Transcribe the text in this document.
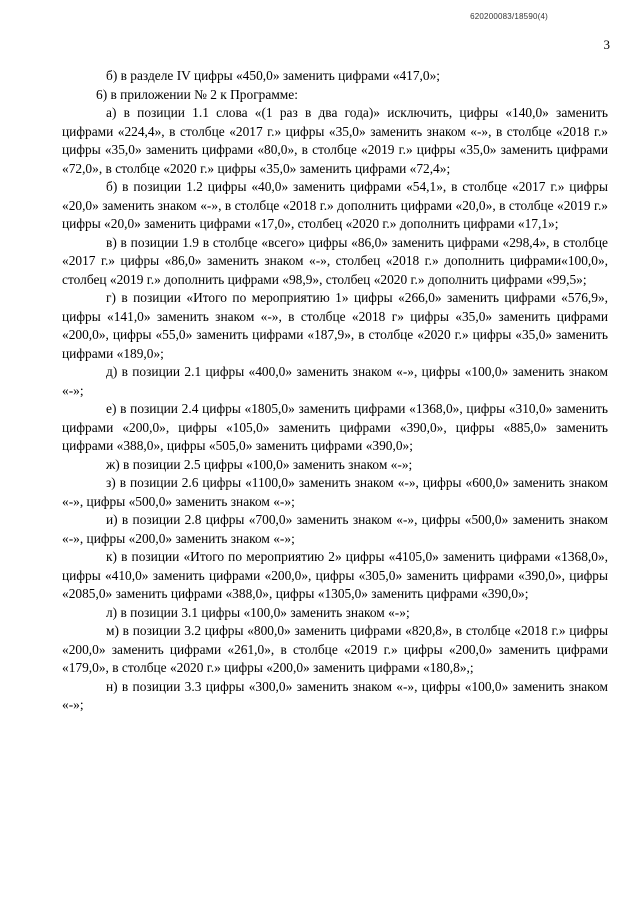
620200083/18590(4)
3

б) в разделе IV цифры «450,0» заменить цифрами «417,0»;

6) в приложении № 2 к Программе:

а) в позиции 1.1 слова «(1 раз в два года)» исключить, цифры «140,0» заменить цифрами «224,4», в столбце «2017 г.» цифры «35,0» заменить знаком «-», в столбце «2018 г.» цифры «35,0» заменить цифрами «80,0», в столбце «2019 г.» цифры «35,0» заменить цифрами «72,0», в столбце «2020 г.» цифры «35,0» заменить цифрами «72,4»;

б) в позиции 1.2 цифры «40,0» заменить цифрами «54,1», в столбце «2017 г.» цифры «20,0» заменить знаком «-», в столбце «2018 г.» дополнить цифрами «20,0», в столбце «2019 г.» цифры «20,0» заменить цифрами «17,0», столбец «2020 г.» дополнить цифрами «17,1»;

в) в позиции 1.9 в столбце «всего» цифры «86,0» заменить цифрами «298,4», в столбце «2017 г.» цифры «86,0» заменить знаком «-», столбец «2018 г.» дополнить цифрами«100,0», столбец «2019 г.» дополнить цифрами «98,9», столбец «2020 г.» дополнить цифрами «99,5»;

г) в позиции «Итого по мероприятию 1» цифры «266,0» заменить цифрами «576,9», цифры «141,0» заменить знаком «-», в столбце «2018 г» цифры «35,0» заменить цифрами «200,0», цифры «55,0» заменить цифрами «187,9», в столбце «2020 г.» цифры «35,0» заменить цифрами «189,0»;

д) в позиции 2.1 цифры «400,0» заменить знаком «-», цифры «100,0» заменить знаком «-»;

е) в позиции 2.4 цифры «1805,0» заменить цифрами «1368,0», цифры «310,0» заменить цифрами «200,0», цифры «105,0» заменить цифрами «390,0», цифры «885,0» заменить цифрами «388,0», цифры «505,0» заменить цифрами «390,0»;

ж) в позиции 2.5 цифры «100,0» заменить знаком «-»;

з) в позиции 2.6 цифры «1100,0» заменить знаком «-», цифры «600,0» заменить знаком «-», цифры «500,0» заменить знаком «-»;

и) в позиции 2.8 цифры «700,0» заменить знаком «-», цифры «500,0» заменить знаком «-», цифры «200,0» заменить знаком «-»;

к) в позиции «Итого по мероприятию 2» цифры «4105,0» заменить цифрами «1368,0», цифры «410,0» заменить цифрами «200,0», цифры «305,0» заменить цифрами «390,0», цифры «2085,0» заменить цифрами «388,0», цифры «1305,0» заменить цифрами «390,0»;

л) в позиции 3.1 цифры «100,0» заменить знаком «-»;

м) в позиции 3.2 цифры «800,0» заменить цифрами «820,8», в столбце «2018 г.» цифры «200,0» заменить цифрами «261,0», в столбце «2019 г.» цифры «200,0» заменить цифрами «179,0», в столбце «2020 г.» цифры «200,0» заменить цифрами «180,8»,;

н) в позиции 3.3 цифры «300,0» заменить знаком «-», цифры «100,0» заменить знаком «-»;
